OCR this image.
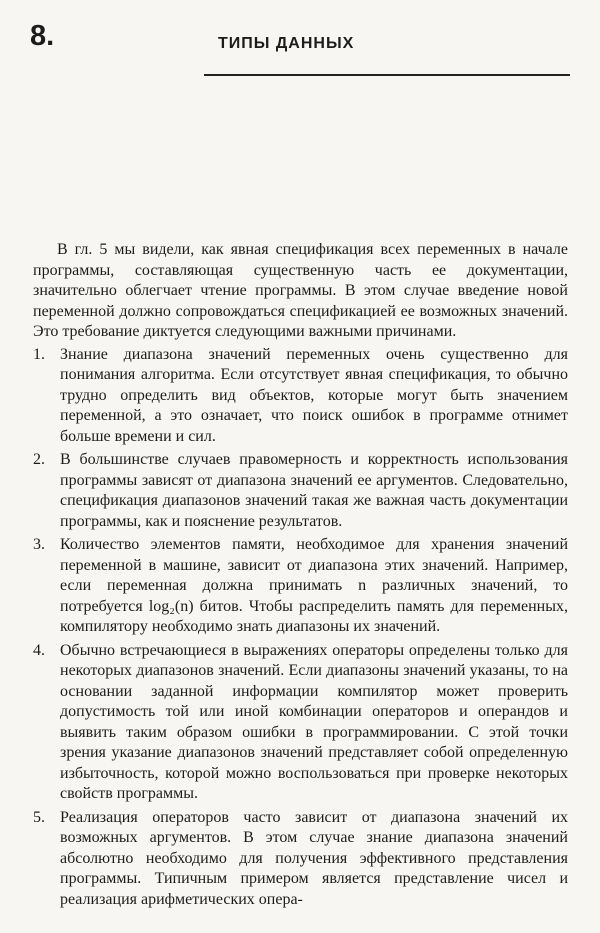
8.	ТИПЫ ДАННЫХ

В гл. 5 мы видели, как явная спецификация всех переменных в начале программы, составляющая существенную часть ее документации, значительно облегчает чтение программы. В этом случае введение новой переменной должно сопровождаться спецификацией ее возможных значений. Это требование диктуется следующими важными причинами.

1. Знание диапазона значений переменных очень существенно для понимания алгоритма. Если отсутствует явная спецификация, то обычно трудно определить вид объектов, которые могут быть значением переменной, а это означает, что поиск ошибок в программе отнимет больше времени и сил.
2. В большинстве случаев правомерность и корректность использования программы зависят от диапазона значений ее аргументов. Следовательно, спецификация диапазонов значений такая же важная часть документации программы, как и пояснение результатов.
3. Количество элементов памяти, необходимое для хранения значений переменной в машине, зависит от диапазона этих значений. Например, если переменная должна принимать n различных значений, то потребуется log₂(n) битов. Чтобы распределить память для переменных, компилятору необходимо знать диапазоны их значений.
4. Обычно встречающиеся в выражениях операторы определены только для некоторых диапазонов значений. Если диапазоны значений указаны, то на основании заданной информации компилятор может проверить допустимость той или иной комбинации операторов и операндов и выявить таким образом ошибки в программировании. С этой точки зрения указание диапазонов значений представляет собой определенную избыточность, которой можно воспользоваться при проверке некоторых свойств программы.
5. Реализация операторов часто зависит от диапазона значений их возможных аргументов. В этом случае знание диапазона значений абсолютно необходимо для получения эффективного представления программы. Типичным примером является представление чисел и реализация арифметических опера-
